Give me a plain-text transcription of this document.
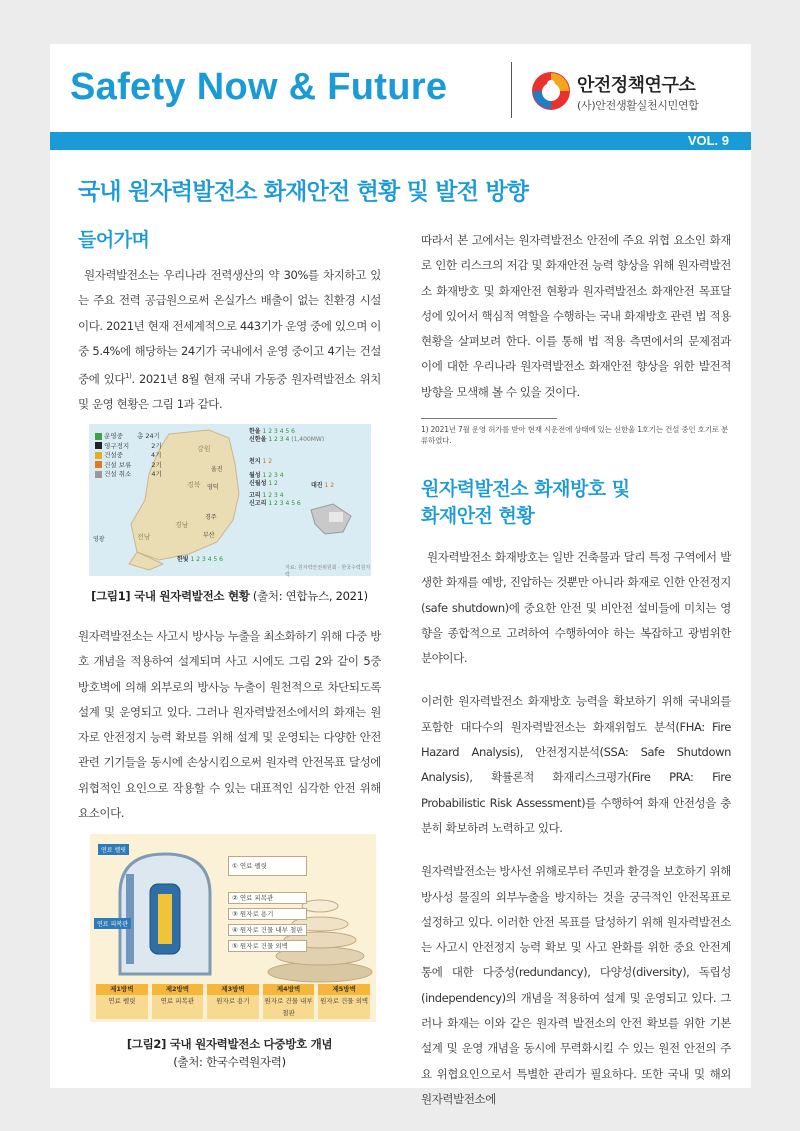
Safety Now & Future	안전정책연구소
(사)안전생활실천시민연합
VOL. 9
국내 원자력발전소 화재안전 현황 및 발전 방향
들어가며

원자력발전소는 우리나라 전력생산의 약 30%를 차지하고 있는 주요 전력 공급원으로써 온실가스 배출이 없는 친환경 시설이다. 2021년 현재 전세계적으로 443기가 운영 중에 있으며 이중 5.4%에 해당하는 24기가 국내에서 운영 중이고 4기는 건설 중에 있다$^{1)}$. 2021년 8월 현재 국내 가동중 원자력발전소 위치 및 운영 현황은 그림 1과 같다.

운영중 총 24기
영구정지	2기
건설중	4기
건설 보류	2기
건설 취소	4기
경북
강원
경남
전남
울진
영덕
경주
부산
영광
한울 1 2 3 4 5 6
신한울 1 2 3 4 (1,400MW)
천지 1 2
월성 1 2 3 4
신월성 1 2
고리 1 2 3 4
신고리 1 2 3 4 5 6
대진 1 2
한빛 1 2 3 4 5 6
자료: 원자력안전위원회 · 한국수력원자력
[그림1] 국내 원자력발전소 현황 (출처: 연합뉴스, 2021)

원자력발전소는 사고시 방사능 누출을 최소화하기 위해 다중 방호 개념을 적용하여 설계되며 사고 시에도 그림 2와 같이 5중 방호벽에 의해 외부로의 방사능 누출이 원천적으로 차단되도록 설계 및 운영되고 있다. 그러나 원자력발전소에서의 화재는 원자로 안전정지 능력 확보를 위해 설계 및 운영되는 다양한 안전관련 기기들을 동시에 손상시킴으로써 원자력 안전목표 달성에 위협적인 요인으로 작용할 수 있는 대표적인 심각한 안전 위해 요소이다.

연료 펠릿
연료 피복관
① 연료 펠릿
② 연료 피복관
③ 원자로 용기
④ 원자로 건물 내부 철판
⑤ 원자로 건물 외벽
제1방벽
연료 펠릿
제2방벽
연료 피복관
제3방벽
원자로 용기
제4방벽
원자로 건물 내부 철판
제5방벽
원자로 건물 외벽
[그림2] 국내 원자력발전소 다중방호 개념
(출처: 한국수력원자력)

따라서 본 고에서는 원자력발전소 안전에 주요 위협 요소인 화재로 인한 리스크의 저감 및 화재안전 능력 향상을 위해 원자력발전소 화재방호 및 화재안전 현황과 원자력발전소 화재안전 목표달성에 있어서 핵심적 역할을 수행하는 국내 화재방호 관련 법 적용현황을 살펴보려 한다. 이를 통해 법 적용 측면에서의 문제점과 이에 대한 우리나라 원자력발전소 화재안전 향상을 위한 발전적 방향을 모색해 볼 수 있을 것이다.

1) 2021년 7월 운영 허가를 받아 현재 시운전에 상태에 있는 신한울 1호기는 건설 중인 호기로 분류하였다.
원자력발전소 화재방호 및
화재안전 현황

원자력발전소 화재방호는 일반 건축물과 달리 특정 구역에서 발생한 화재를 예방, 진압하는 것뿐만 아니라 화재로 인한 안전정지(safe shutdown)에 중요한 안전 및 비안전 설비들에 미치는 영향을 종합적으로 고려하여 수행하여야 하는 복잡하고 광범위한 분야이다.

이러한 원자력발전소 화재방호 능력을 확보하기 위해 국내외를 포함한 대다수의 원자력발전소는 화재위험도 분석(FHA: Fire Hazard Analysis), 안전정지분석(SSA: Safe Shutdown Analysis), 확률론적 화재리스크평가(Fire PRA: Fire Probabilistic Risk Assessment)를 수행하여 화재 안전성을 충분히 확보하려 노력하고 있다.

원자력발전소는 방사선 위해로부터 주민과 환경을 보호하기 위해 방사성 물질의 외부누출을 방지하는 것을 궁극적인 안전목표로 설정하고 있다. 이러한 안전 목표를 달성하기 위해 원자력발전소는 사고시 안전정지 능력 확보 및 사고 완화를 위한 중요 안전계통에 대한 다중성(redundancy), 다양성(diversity), 독립성(independency)의 개념을 적용하여 설계 및 운영되고 있다. 그러나 화재는 이와 같은 원자력 발전소의 안전 확보를 위한 기본 설계 및 운영 개념을 동시에 무력화시킬 수 있는 원전 안전의 주요 위협요인으로서 특별한 관리가 필요하다. 또한 국내 및 해외 원자력발전소에
